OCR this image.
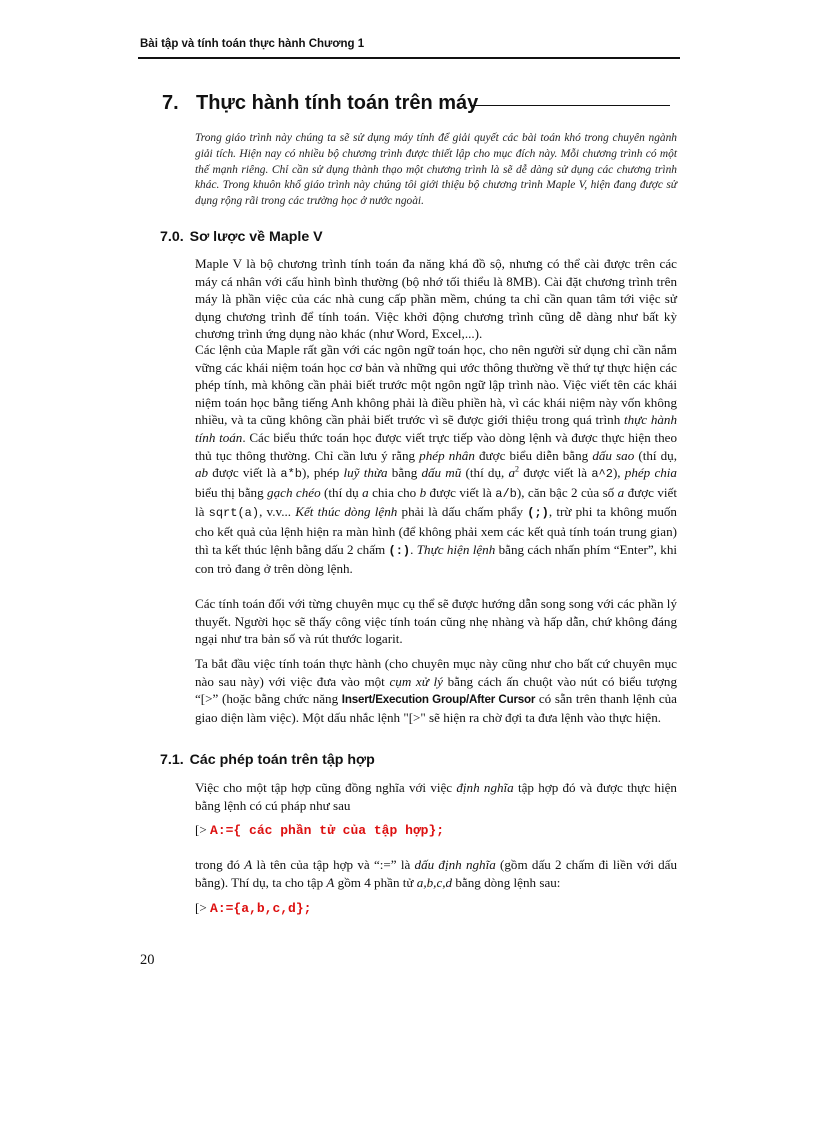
Bài tập và tính toán thực hành Chương 1
7. Thực hành tính toán trên máy

Trong giáo trình này chúng ta sẽ sử dụng máy tính để giải quyết các bài toán khó trong chuyên ngành giải tích. Hiện nay có nhiều bộ chương trình được thiết lập cho mục đích này. Mỗi chương trình có một thế mạnh riêng. Chỉ cần sử dụng thành thạo một chương trình là sẽ dễ dàng sử dụng các chương trình khác. Trong khuôn khổ giáo trình này chúng tôi giới thiệu bộ chương trình Maple V, hiện đang được sử dụng rộng rãi trong các trường học ở nước ngoài.

7.0. Sơ lược về Maple V

Maple V là bộ chương trình tính toán đa năng khá đồ sộ, nhưng có thể cài được trên các máy cá nhân với cấu hình bình thường (bộ nhớ tối thiểu là 8MB). Cài đặt chương trình trên máy là phần việc của các nhà cung cấp phần mềm, chúng ta chỉ cần quan tâm tới việc sử dụng chương trình để tính toán. Việc khởi động chương trình cũng dễ dàng như bất kỳ chương trình ứng dụng nào khác (như Word, Excel,...).

Các lệnh của Maple rất gần với các ngôn ngữ toán học, cho nên người sử dụng chỉ cần nắm vững các khái niệm toán học cơ bản và những qui ước thông thường về thứ tự thực hiện các phép tính, mà không cần phải biết trước một ngôn ngữ lập trình nào. Việc viết tên các khái niệm toán học bằng tiếng Anh không phải là điều phiền hà, vì các khái niệm này vốn không nhiều, và ta cũng không cần phải biết trước vì sẽ được giới thiệu trong quá trình thực hành tính toán. Các biểu thức toán học được viết trực tiếp vào dòng lệnh và được thực hiện theo thủ tục thông thường. Chỉ cần lưu ý rằng phép nhân được biểu diễn bằng dấu sao (thí dụ, ab được viết là a*b), phép luỹ thừa bằng dấu mũ (thí dụ, $a^2$ được viết là a^2), phép chia biểu thị bằng gạch chéo (thí dụ a chia cho b được viết là a/b), căn bậc 2 của số a được viết là sqrt(a), v.v... Kết thúc dòng lệnh phải là dấu chấm phẩy (;), trừ phi ta không muốn cho kết quả của lệnh hiện ra màn hình (để không phải xem các kết quả tính toán trung gian) thì ta kết thúc lệnh bằng dấu 2 chấm (:). Thực hiện lệnh bằng cách nhấn phím “Enter”, khi con trỏ đang ở trên dòng lệnh.

Các tính toán đối với từng chuyên mục cụ thể sẽ được hướng dẫn song song với các phần lý thuyết. Người học sẽ thấy công việc tính toán cũng nhẹ nhàng và hấp dẫn, chứ không đáng ngại như tra bản số và rút thước logarit.

Ta bắt đầu việc tính toán thực hành (cho chuyên mục này cũng như cho bất cứ chuyên mục nào sau này) với việc đưa vào một cụm xử lý bằng cách ấn chuột vào nút có biểu tượng “[>” (hoặc bằng chức năng Insert/Execution Group/After Cursor có sẵn trên thanh lệnh của giao diện làm việc). Một dấu nhắc lệnh "[>" sẽ hiện ra chờ đợi ta đưa lệnh vào thực hiện.

7.1. Các phép toán trên tập hợp

Việc cho một tập hợp cũng đồng nghĩa với việc định nghĩa tập hợp đó và được thực hiện bằng lệnh có cú pháp như sau

[> A:={ các phần tử của tập hợp};

trong đó A là tên của tập hợp và “:=” là dấu định nghĩa (gồm dấu 2 chấm đi liền với dấu bằng). Thí dụ, ta cho tập A gồm 4 phần tử a,b,c,d bằng dòng lệnh sau:

[> A:={a,b,c,d};
20
